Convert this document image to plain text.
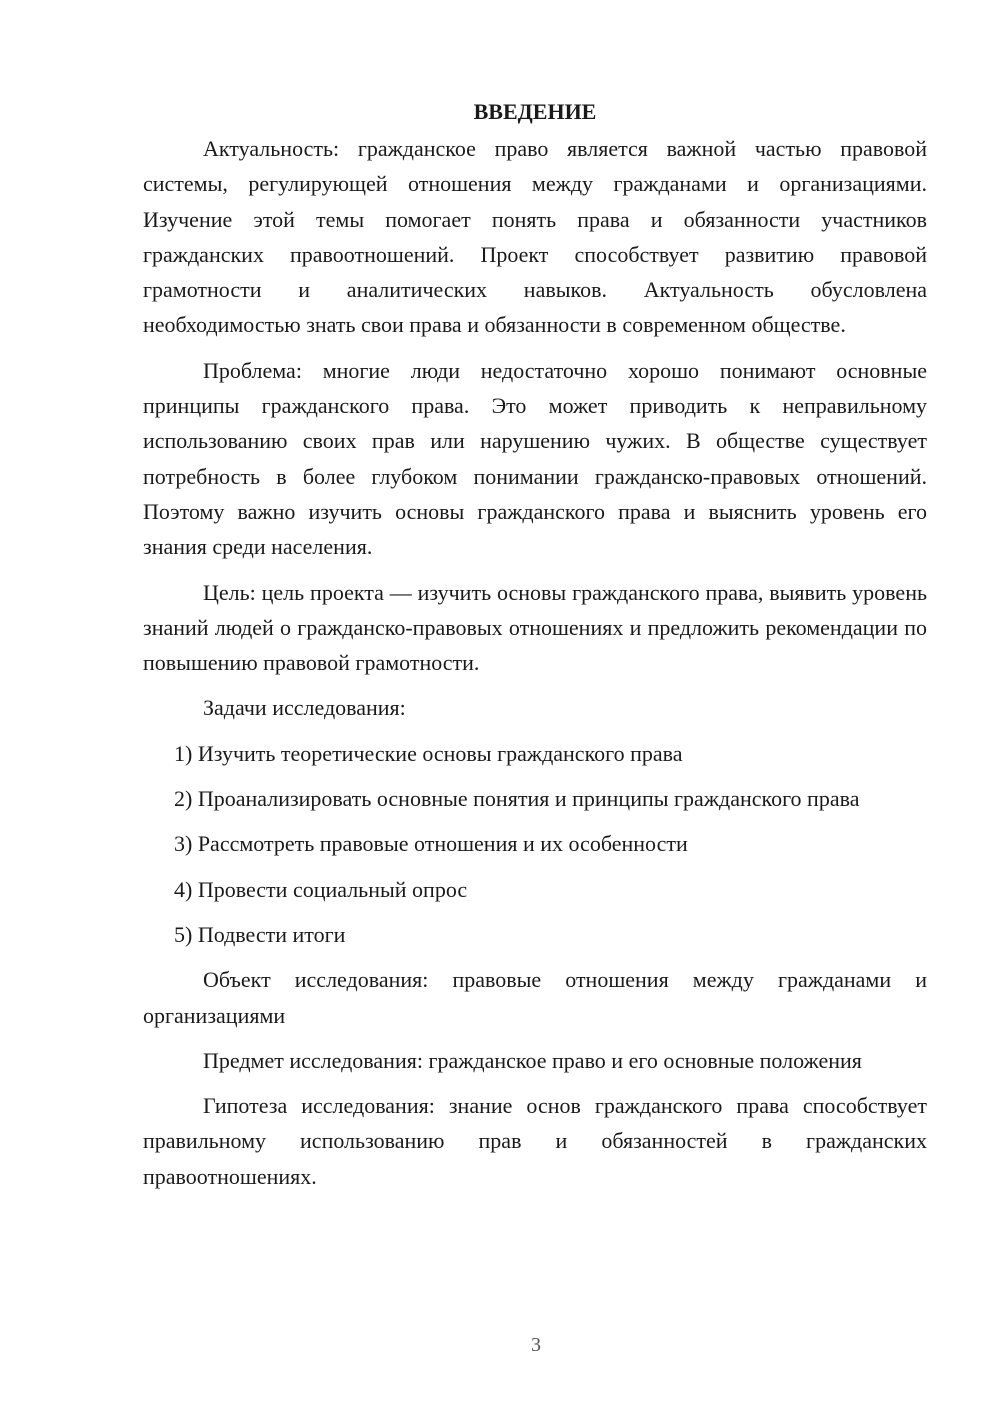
ВВЕДЕНИЕ

Актуальность: гражданское право является важной частью правовой системы, регулирующей отношения между гражданами и организациями. Изучение этой темы помогает понять права и обязанности участников гражданских правоотношений. Проект способствует развитию правовой грамотности и аналитических навыков. Актуальность обусловлена необходимостью знать свои права и обязанности в современном обществе.

Проблема: многие люди недостаточно хорошо понимают основные принципы гражданского права. Это может приводить к неправильному использованию своих прав или нарушению чужих. В обществе существует потребность в более глубоком понимании гражданско-правовых отношений. Поэтому важно изучить основы гражданского права и выяснить уровень его знания среди населения.

Цель: цель проекта — изучить основы гражданского права, выявить уровень знаний людей о гражданско-правовых отношениях и предложить рекомендации по повышению правовой грамотности.

Задачи исследования:

1) Изучить теоретические основы гражданского права

2) Проанализировать основные понятия и принципы гражданского права

3) Рассмотреть правовые отношения и их особенности

4) Провести социальный опрос

5) Подвести итоги

Объект исследования: правовые отношения между гражданами и организациями

Предмет исследования: гражданское право и его основные положения

Гипотеза исследования: знание основ гражданского права способствует правильному использованию прав и обязанностей в гражданских правоотношениях.

3
